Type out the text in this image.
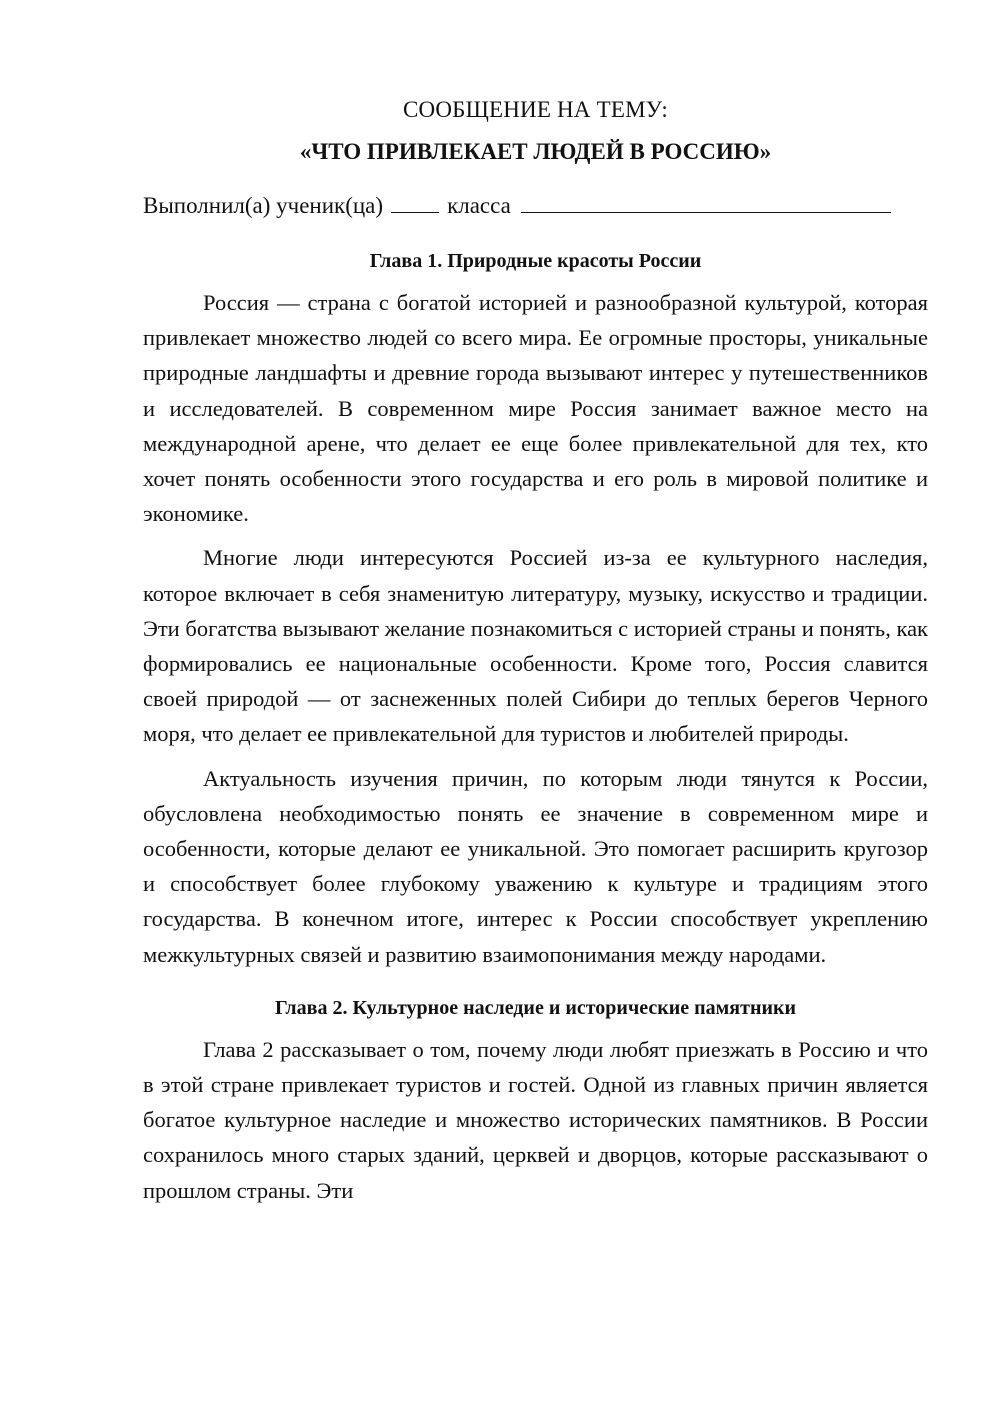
СООБЩЕНИЕ НА ТЕМУ:

«ЧТО ПРИВЛЕКАЕТ ЛЮДЕЙ В РОССИЮ»

Выполнил(а) ученик(ца)	класса

Глава 1. Природные красоты России

Россия — страна с богатой историей и разнообразной культурой, которая привлекает множество людей со всего мира. Ее огромные просторы, уникальные природные ландшафты и древние города вызывают интерес у путешественников и исследователей. В современном мире Россия занимает важное место на международной арене, что делает ее еще более привлекательной для тех, кто хочет понять особенности этого государства и его роль в мировой политике и экономике.

Многие люди интересуются Россией из-за ее культурного наследия, которое включает в себя знаменитую литературу, музыку, искусство и традиции. Эти богатства вызывают желание познакомиться с историей страны и понять, как формировались ее национальные особенности. Кроме того, Россия славится своей природой — от заснеженных полей Сибири до теплых берегов Черного моря, что делает ее привлекательной для туристов и любителей природы.

Актуальность изучения причин, по которым люди тянутся к России, обусловлена необходимостью понять ее значение в современном мире и особенности, которые делают ее уникальной. Это помогает расширить кругозор и способствует более глубокому уважению к культуре и традициям этого государства. В конечном итоге, интерес к России способствует укреплению межкультурных связей и развитию взаимопонимания между народами.

Глава 2. Культурное наследие и исторические памятники

Глава 2 рассказывает о том, почему люди любят приезжать в Россию и что в этой стране привлекает туристов и гостей. Одной из главных причин является богатое культурное наследие и множество исторических памятников. В России сохранилось много старых зданий, церквей и дворцов, которые рассказывают о прошлом страны. Эти
